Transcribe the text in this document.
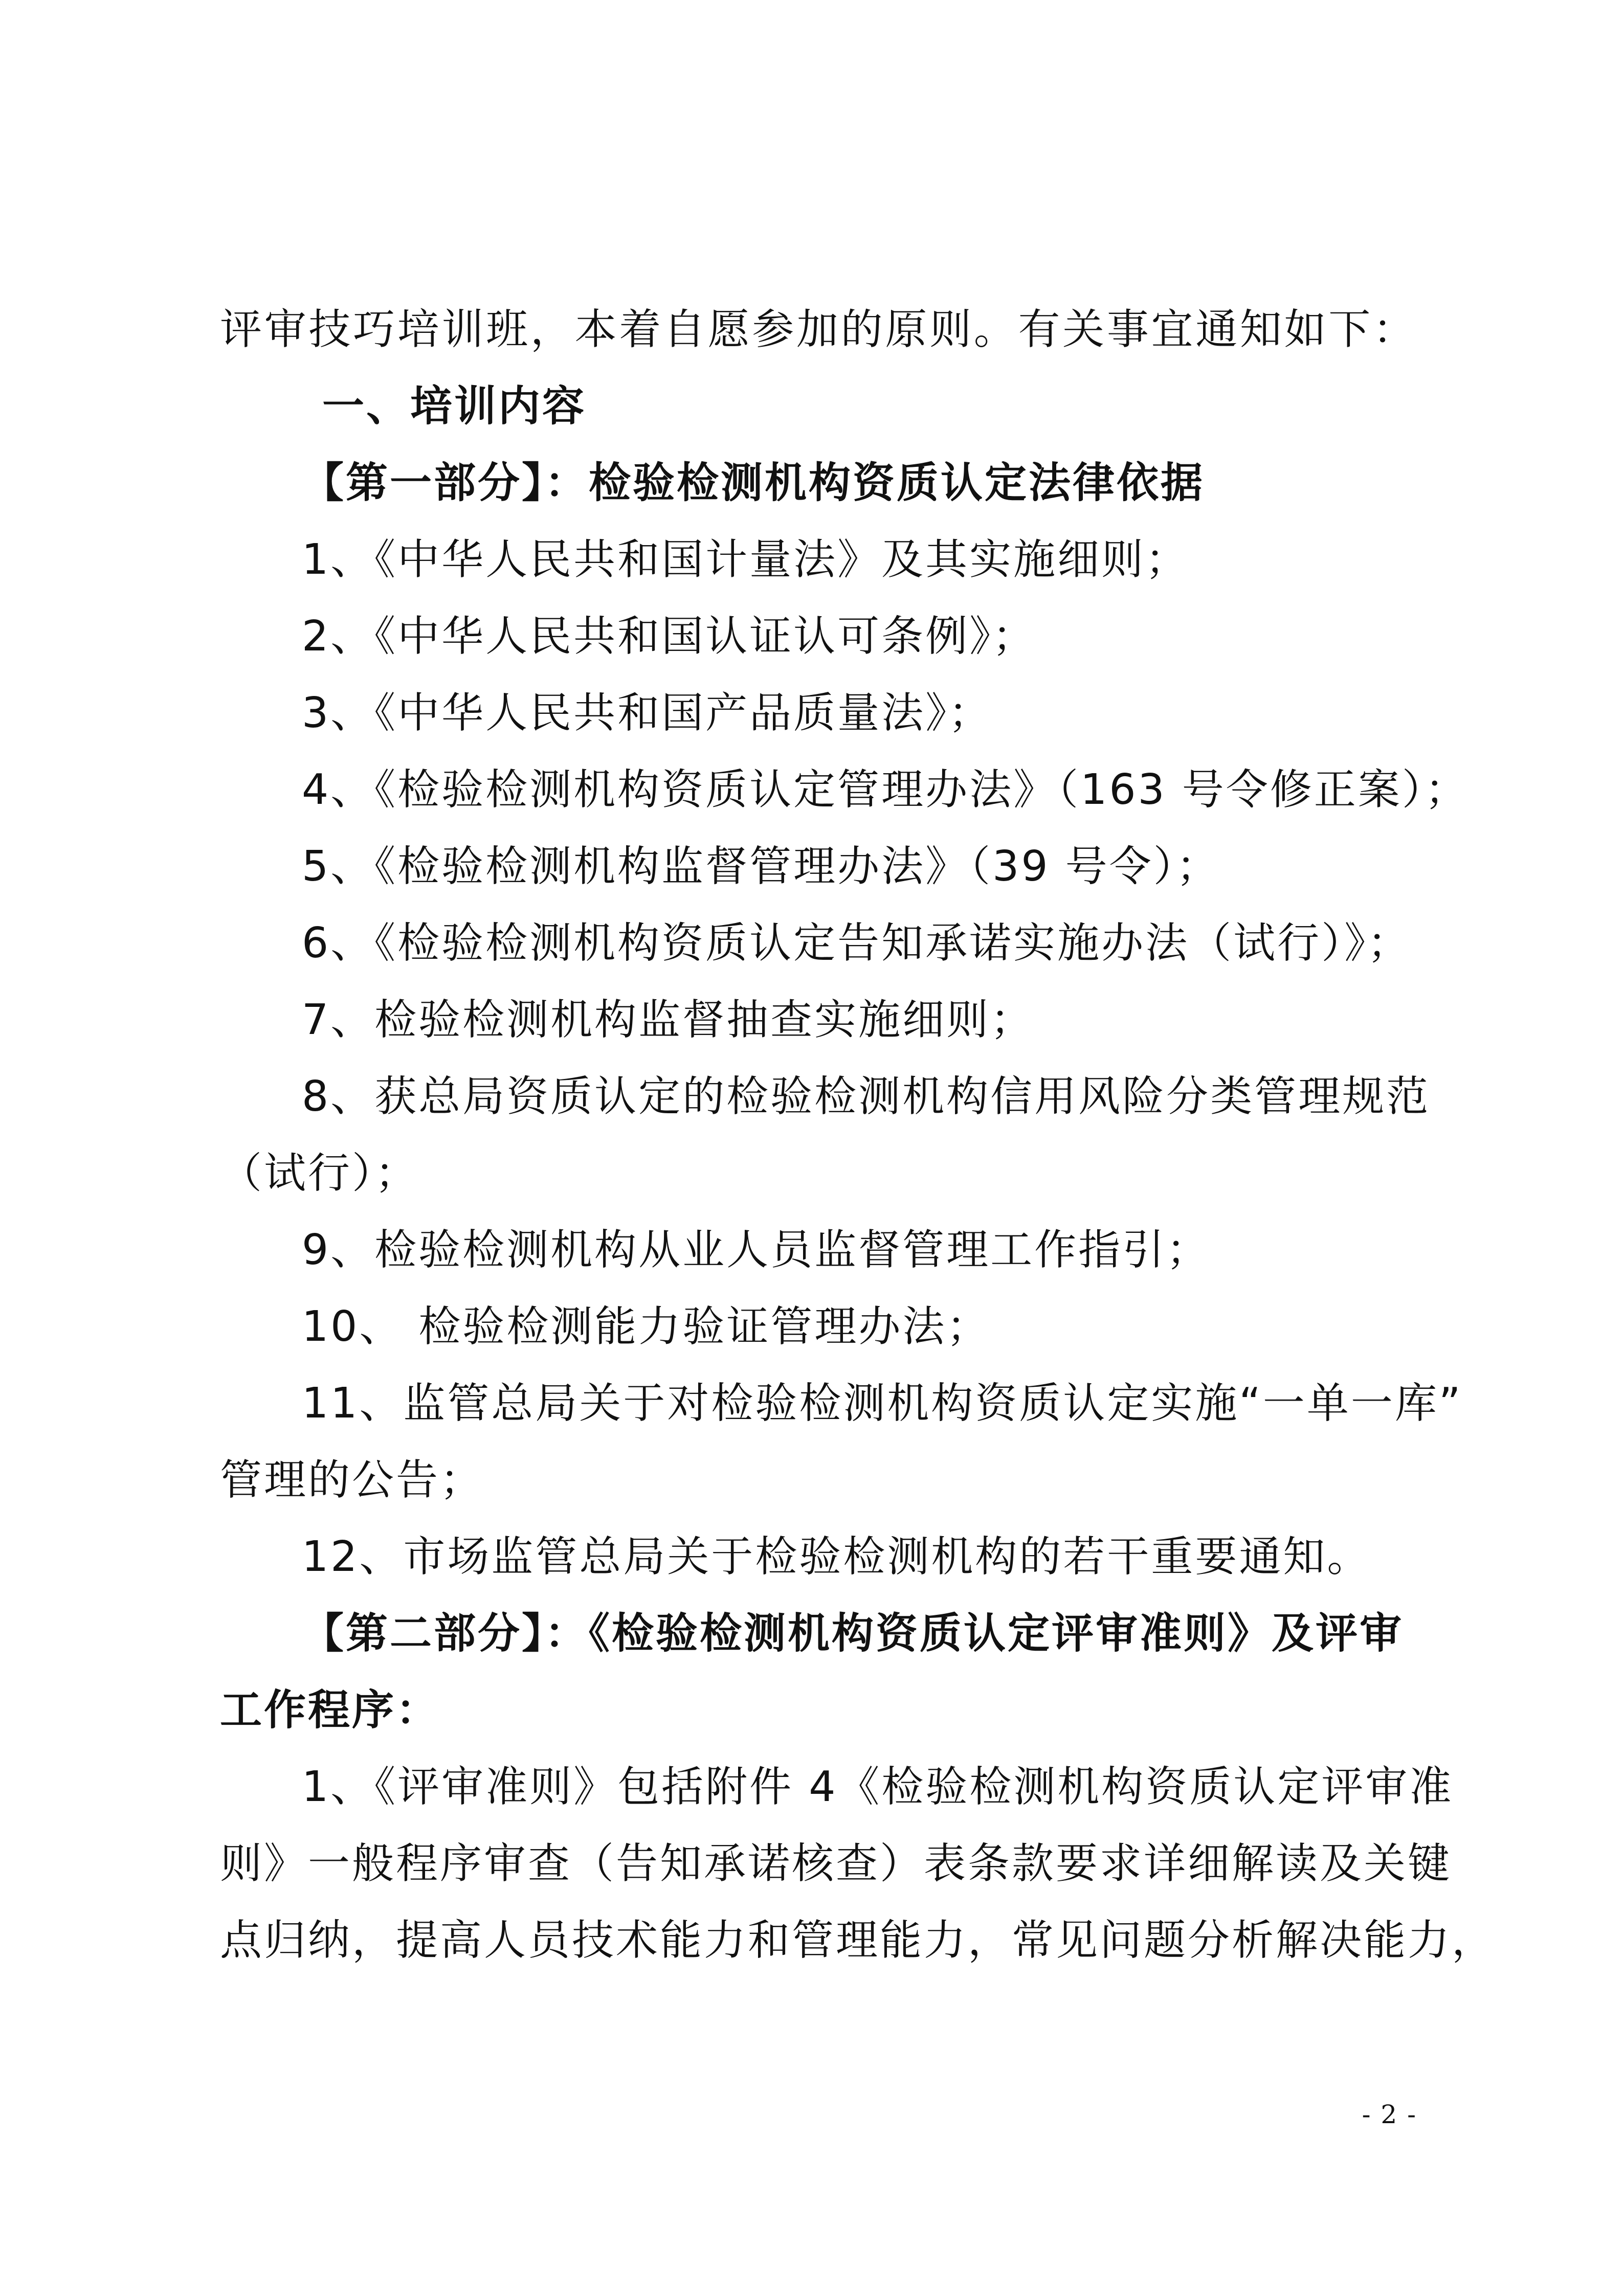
评审技巧培训班，本着自愿参加的原则。有关事宜通知如下：
一、培训内容
【第一部分】：检验检测机构资质认定法律依据
1、《中华人民共和国计量法》及其实施细则；
2、《中华人民共和国认证认可条例》；
3、《中华人民共和国产品质量法》；
4、《检验检测机构资质认定管理办法》（163 号令修正案）；
5、《检验检测机构监督管理办法》（39 号令）；
6、《检验检测机构资质认定告知承诺实施办法（试行）》；
7、检验检测机构监督抽查实施细则；
8、获总局资质认定的检验检测机构信用风险分类管理规范
（试行）；
9、检验检测机构从业人员监督管理工作指引；
10、 检验检测能力验证管理办法；
11、监管总局关于对检验检测机构资质认定实施“一单一库”
管理的公告；
12、市场监管总局关于检验检测机构的若干重要通知。
【第二部分】：《检验检测机构资质认定评审准则》及评审
工作程序：
1、《评审准则》包括附件 4《检验检测机构资质认定评审准
则》一般程序审查（告知承诺核查）表条款要求详细解读及关键
点归纳，提高人员技术能力和管理能力，常见问题分析解决能力，
- 2 -
